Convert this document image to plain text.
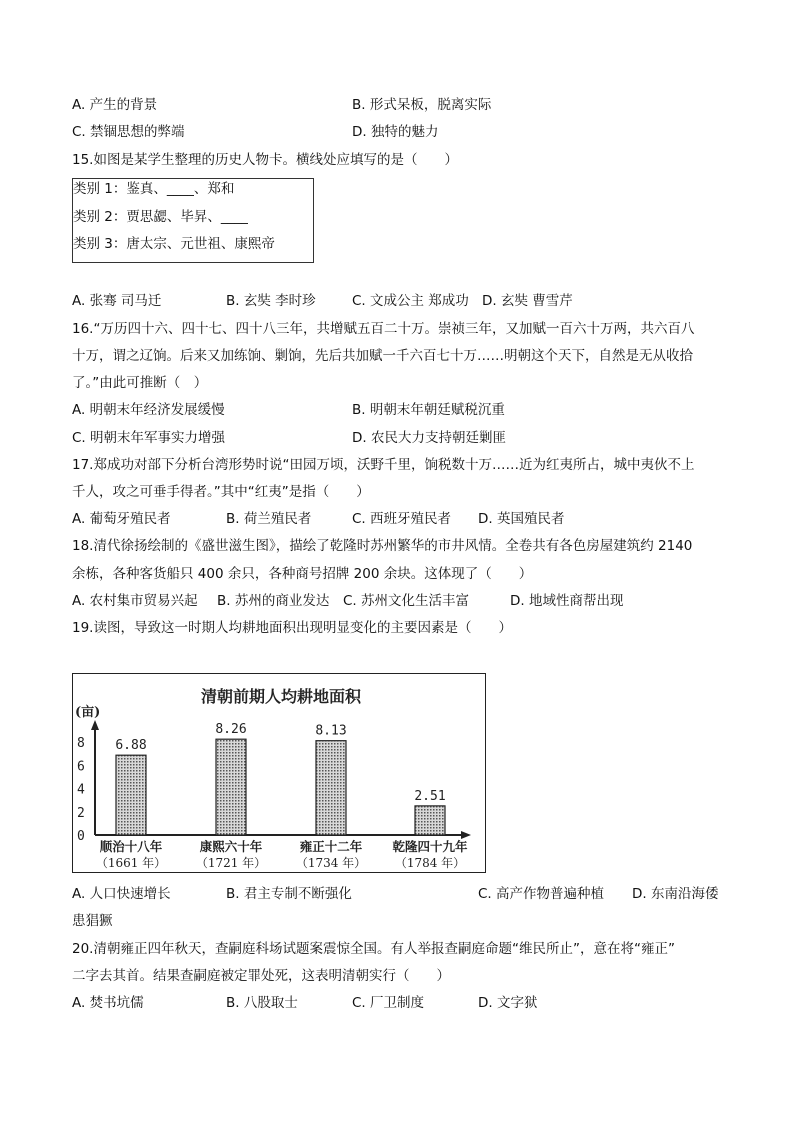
A. 产生的背景	B. 形式呆板，脱离实际
C. 禁锢思想的弊端	D. 独特的魅力
15.如图是某学生整理的历史人物卡。横线处应填写的是（　　）
类别 1：鉴真、____、郑和
类别 2：贾思勰、毕昇、____
类别 3：唐太宗、元世祖、康熙帝
A. 张骞 司马迁	B. 玄奘 李时珍	C. 文成公主 郑成功 D. 玄奘 曹雪芹
16.“万历四十六、四十七、四十八三年，共增赋五百二十万。崇祯三年，又加赋一百六十万两，共六百八
十万，谓之辽饷。后来又加练饷、剿饷，先后共加赋一千六百七十万……明朝这个天下，自然是无从收拾
了。”由此可推断（　）
A. 明朝末年经济发展缓慢	B. 明朝末年朝廷赋税沉重
C. 明朝末年军事实力增强	D. 农民大力支持朝廷剿匪
17.郑成功对部下分析台湾形势时说“田园万顷，沃野千里，饷税数十万……近为红夷所占，城中夷伙不上
千人，攻之可垂手得者。”其中“红夷”是指（　　）
A. 葡萄牙殖民者	B. 荷兰殖民者	C. 西班牙殖民者 D. 英国殖民者
18.清代徐扬绘制的《盛世滋生图》，描绘了乾隆时苏州繁华的市井风情。全卷共有各色房屋建筑约 2140
余栋，各种客货船只 400 余只，各种商号招牌 200 余块。这体现了（　　）
A. 农村集市贸易兴起 B. 苏州的商业发达 C. 苏州文化生活丰富	D. 地域性商帮出现
19.读图，导致这一时期人均耕地面积出现明显变化的主要因素是（　　）
清朝前期人均耕地面积
(亩)
0
2
4
6
8 6.88
顺治十八年
（1661 年）
8.26
康熙六十年
（1721 年）
8.13
雍正十二年
（1734 年）
2.51
乾隆四十九年
（1784 年）
A. 人口快速增长	B. 君主专制不断强化	C. 高产作物普遍种植 D. 东南沿海倭
患猖獗
20.清朝雍正四年秋天，查嗣庭科场试题案震惊全国。有人举报查嗣庭命题“维民所止”，意在将“雍正”
二字去其首。结果查嗣庭被定罪处死，这表明清朝实行（　　）
A. 焚书坑儒	B. 八股取士	C. 厂卫制度	D. 文字狱
